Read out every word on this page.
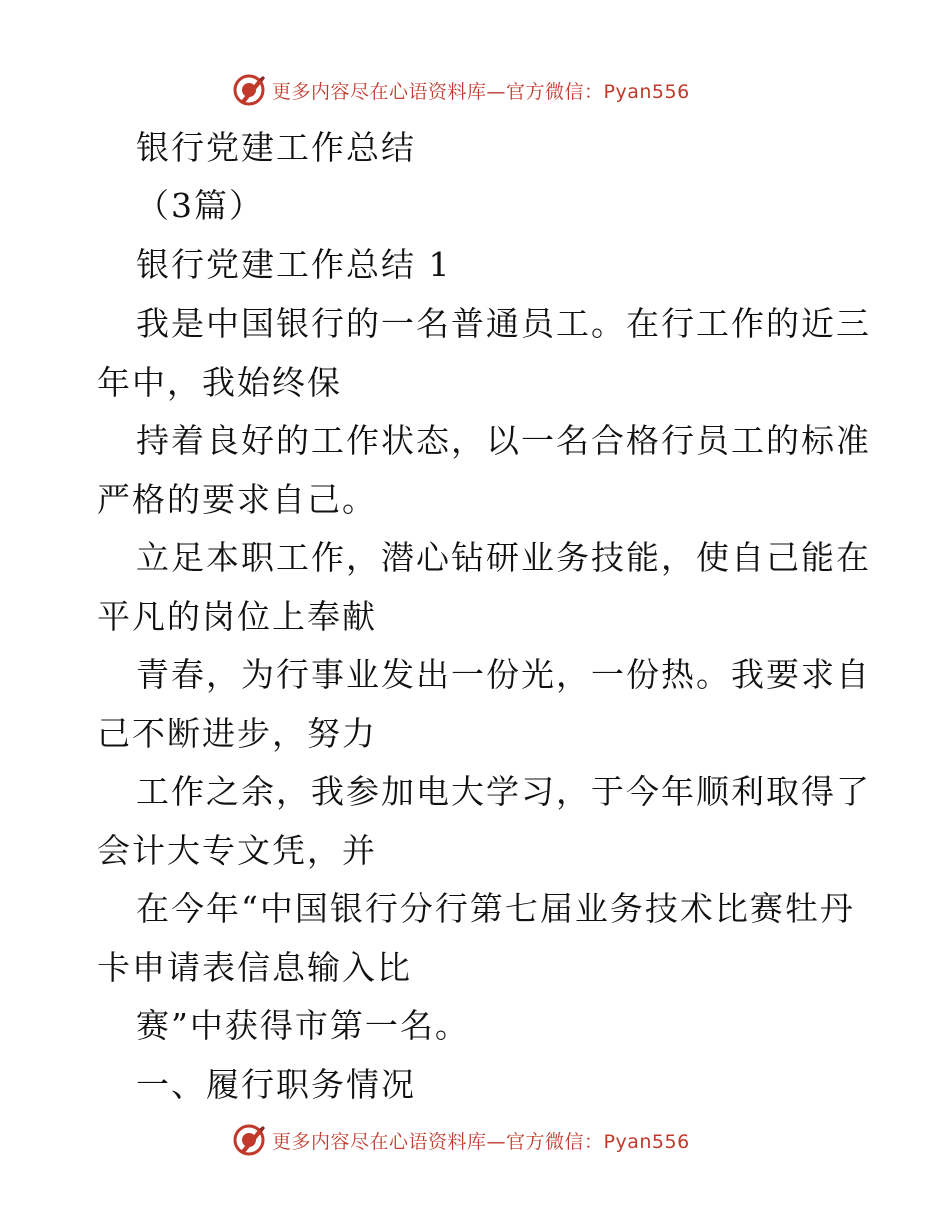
更多内容尽在心语资料库—官方微信：Pyan556
银行党建工作总结
（3篇）
银行党建工作总结 1
我是中国银行的一名普通员工。在行工作的近三
年中，我始终保
持着良好的工作状态，以一名合格行员工的标准
严格的要求自己。
立足本职工作，潜心钻研业务技能，使自己能在
平凡的岗位上奉献
青春，为行事业发出一份光，一份热。我要求自
己不断进步，努力
工作之余，我参加电大学习，于今年顺利取得了
会计大专文凭，并
在今年“中国银行分行第七届业务技术比赛牡丹
卡申请表信息输入比
赛”中获得市第一名。
一、履行职务情况
更多内容尽在心语资料库—官方微信：Pyan556
